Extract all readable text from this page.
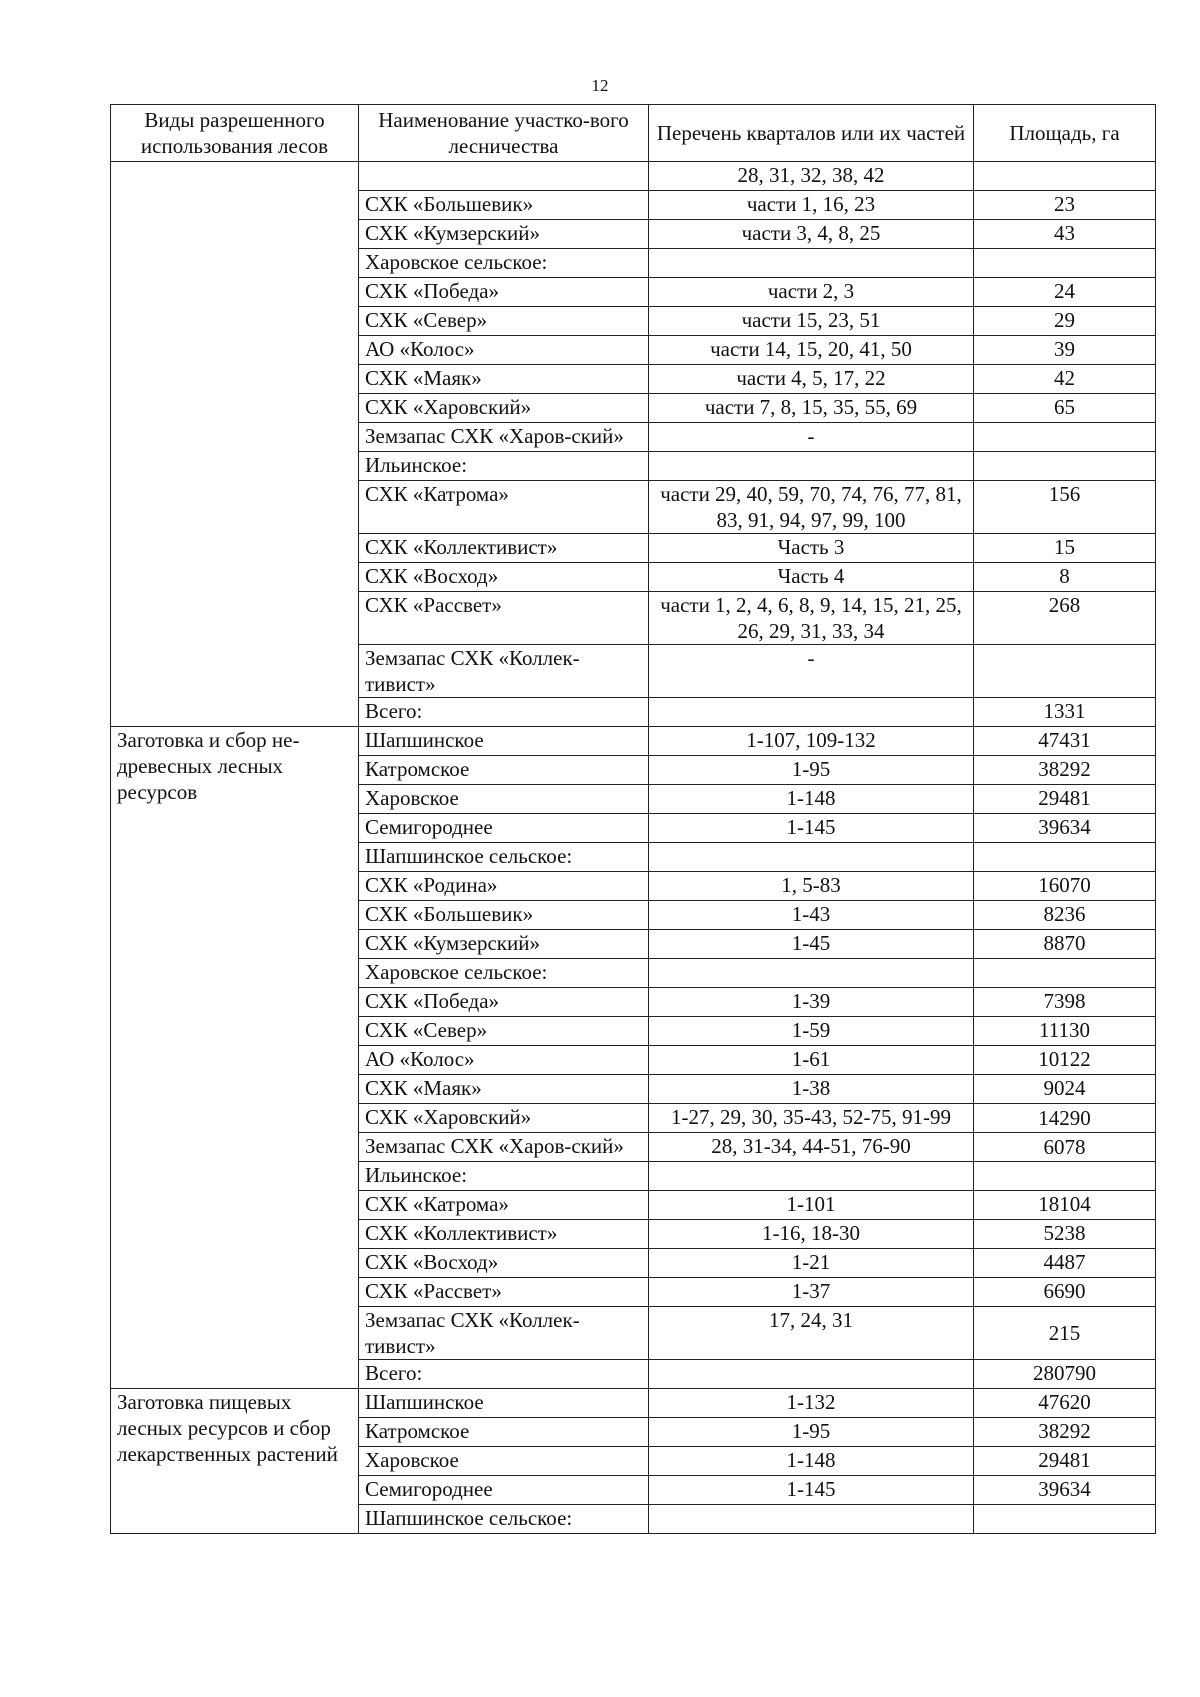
12
Виды разрешенного использования лесов	Наименование участко-вого лесничества	Перечень кварталов или их частей	Площадь, га
		28, 31, 32, 38, 42	
	СХК «Большевик»	части 1, 16, 23	23
	СХК «Кумзерский»	части 3, 4, 8, 25	43
	Харовское сельское:		
	СХК «Победа»	части 2, 3	24
	СХК «Север»	части 15, 23, 51	29
	АО «Колос»	части 14, 15, 20, 41, 50	39
	СХК «Маяк»	части 4, 5, 17, 22	42
	СХК «Харовский»	части 7, 8, 15, 35, 55, 69	65
	Земзапас СХК «Харов-ский»	-	
	Ильинское:		
	СХК «Катрома»	части 29, 40, 59, 70, 74, 76, 77, 81, 83, 91, 94, 97, 99, 100	156
	СХК «Коллективист»	Часть 3	15
	СХК «Восход»	Часть 4	8
	СХК «Рассвет»	части 1, 2, 4, 6, 8, 9, 14, 15, 21, 25, 26, 29, 31, 33, 34	268
	Земзапас СХК «Коллек-тивист»	-	
	Всего:		1331
Заготовка и сбор не-древесных лесных ресурсов	Шапшинское	1-107, 109-132	47431
	Катромское	1-95	38292
	Харовское	1-148	29481
	Семигороднее	1-145	39634
	Шапшинское сельское:		
	СХК «Родина»	1, 5-83	16070
	СХК «Большевик»	1-43	8236
	СХК «Кумзерский»	1-45	8870
	Харовское сельское:		
	СХК «Победа»	1-39	7398
	СХК «Север»	1-59	11130
	АО «Колос»	1-61	10122
	СХК «Маяк»	1-38	9024
	СХК «Харовский»	1-27, 29, 30, 35-43, 52-75, 91-99	14290
	Земзапас СХК «Харов-ский»	28, 31-34, 44-51, 76-90	6078
	Ильинское:		
	СХК «Катрома»	1-101	18104
	СХК «Коллективист»	1-16, 18-30	5238
	СХК «Восход»	1-21	4487
	СХК «Рассвет»	1-37	6690
	Земзапас СХК «Коллек-тивист»	17, 24, 31	215
	Всего:		280790
Заготовка пищевых лесных ресурсов и сбор лекарственных растений	Шапшинское	1-132	47620
	Катромское	1-95	38292
	Харовское	1-148	29481
	Семигороднее	1-145	39634
	Шапшинское сельское:		
